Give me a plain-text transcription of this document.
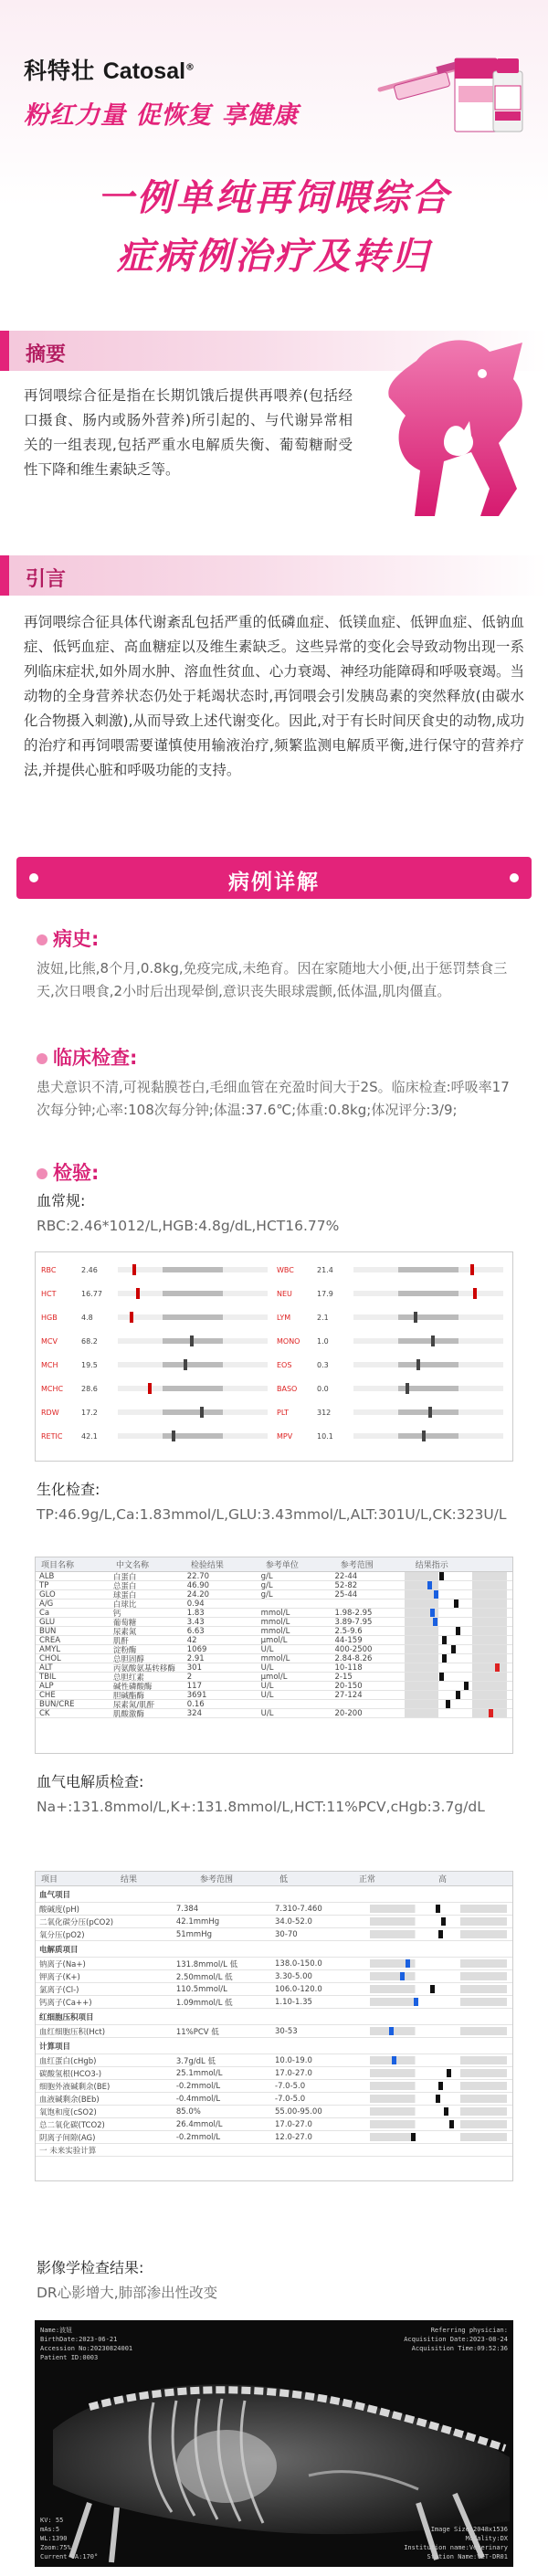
科特壮 Catosal®
粉红力量 促恢复 享健康
一例单纯再饲喂综合
症病例治疗及转归
摘要
再饲喂综合征是指在长期饥饿后提供再喂养(包括经口摄食、肠内或肠外营养)所引起的、与代谢异常相关的一组表现,包括严重水电解质失衡、葡萄糖耐受性下降和维生素缺乏等。
引言
再饲喂综合征具体代谢紊乱包括严重的低磷血症、低镁血症、低钾血症、低钠血症、低钙血症、高血糖症以及维生素缺乏。这些异常的变化会导致动物出现一系列临床症状,如外周水肿、溶血性贫血、心力衰竭、神经功能障碍和呼吸衰竭。当动物的全身营养状态仍处于耗竭状态时,再饲喂会引发胰岛素的突然释放(由碳水化合物摄入刺激),从而导致上述代谢变化。因此,对于有长时间厌食史的动物,成功的治疗和再饲喂需要谨慎使用输液治疗,频繁监测电解质平衡,进行保守的营养疗法,并提供心脏和呼吸功能的支持。
病例详解
病史:
波妞,比熊,8个月,0.8kg,免疫完成,未绝育。因在家随地大小便,出于惩罚禁食三天,次日喂食,2小时后出现晕倒,意识丧失眼球震颤,低体温,肌肉僵直。
临床检查:
患犬意识不清,可视黏膜苍白,毛细血管在充盈时间大于2S。临床检查:呼吸率17次每分钟;心率:108次每分钟;体温:37.6℃;体重:0.8kg;体况评分:3/9;
检验:
血常规:
RBC:2.46*1012/L,HGB:4.8g/dL,HCT16.77%
RBC	2.46
HCT	16.77
HGB	4.8
MCV	68.2
MCH	19.5
MCHC	28.6
RDW	17.2
RETIC	42.1
WBC	21.4
NEU	17.9
LYM	2.1
MONO	1.0
EOS	0.3
BASO	0.0
PLT	312
MPV	10.1
生化检查:
TP:46.9g/L,Ca:1.83mmol/L,GLU:3.43mmol/L,ALT:301U/L,CK:323U/L
项目名称	中文名称	检验结果	参考单位	参考范围	结果指示
ALB	白蛋白	22.70	g/L	22-44
TP	总蛋白	46.90	g/L	52-82
GLO	球蛋白	24.20	g/L	25-44
A/G	白球比	0.94
Ca	钙	1.83	mmol/L	1.98-2.95
GLU	葡萄糖	3.43	mmol/L	3.89-7.95
BUN	尿素氮	6.63	mmol/L	2.5-9.6
CREA	肌酐	42	μmol/L	44-159
AMYL	淀粉酶	1069	U/L	400-2500
CHOL	总胆固醇	2.91	mmol/L	2.84-8.26
ALT	丙氨酸氨基转移酶	301	U/L	10-118
TBIL	总胆红素	2	μmol/L	2-15
ALP	碱性磷酸酶	117	U/L	20-150
CHE	胆碱酯酶	3691	U/L	27-124
BUN/CRE	尿素氮/肌酐	0.16
CK	肌酸激酶	324	U/L	20-200
血气电解质检查:
Na+:131.8mmol/L,K+:131.8mmol/L,HCT:11%PCV,cHgb:3.7g/dL
项目	结果	参考范围	低	正常	高
血气项目
酸碱度(pH)	7.384	7.310-7.460
二氧化碳分压(pCO2)	42.1mmHg	34.0-52.0
氧分压(pO2)	51mmHg	30-70
电解质项目
钠离子(Na+)	131.8mmol/L 低	138.0-150.0
钾离子(K+)	2.50mmol/L 低	3.30-5.00
氯离子(Cl-)	110.5mmol/L	106.0-120.0
钙离子(Ca++)	1.09mmol/L 低	1.10-1.35
红细胞压积项目
血红细胞压积(Hct)	11%PCV 低	30-53
计算项目
血红蛋白(cHgb)	3.7g/dL 低	10.0-19.0
碳酸氢根(HCO3-)	25.1mmol/L	17.0-27.0
细胞外液碱剩余(BE)	-0.2mmol/L	-7.0-5.0
血液碱剩余(BEb)	-0.4mmol/L	-7.0-5.0
氧饱和度(cSO2)	85.0%	55.00-95.00
总二氧化碳(TCO2)	26.4mmol/L	17.0-27.0
阴离子间隙(AG)	-0.2mmol/L	12.0-27.0
一 未来实验计算
影像学检查结果:
DR心影增大,肺部渗出性改变
Name:波妞
BirthDate:2023-06-21
Accession No:20230824001
Patient ID:0003
Referring physician:
Acquisition Date:2023-08-24
Acquisition Time:09:52:36
KV: 55
mAs:5
WL:1390
Zoom:75%
Current OA:170°
Image Size:2048x1536
Modality:DX
Institution name:Veterinary
Station Name:VET-DR01
